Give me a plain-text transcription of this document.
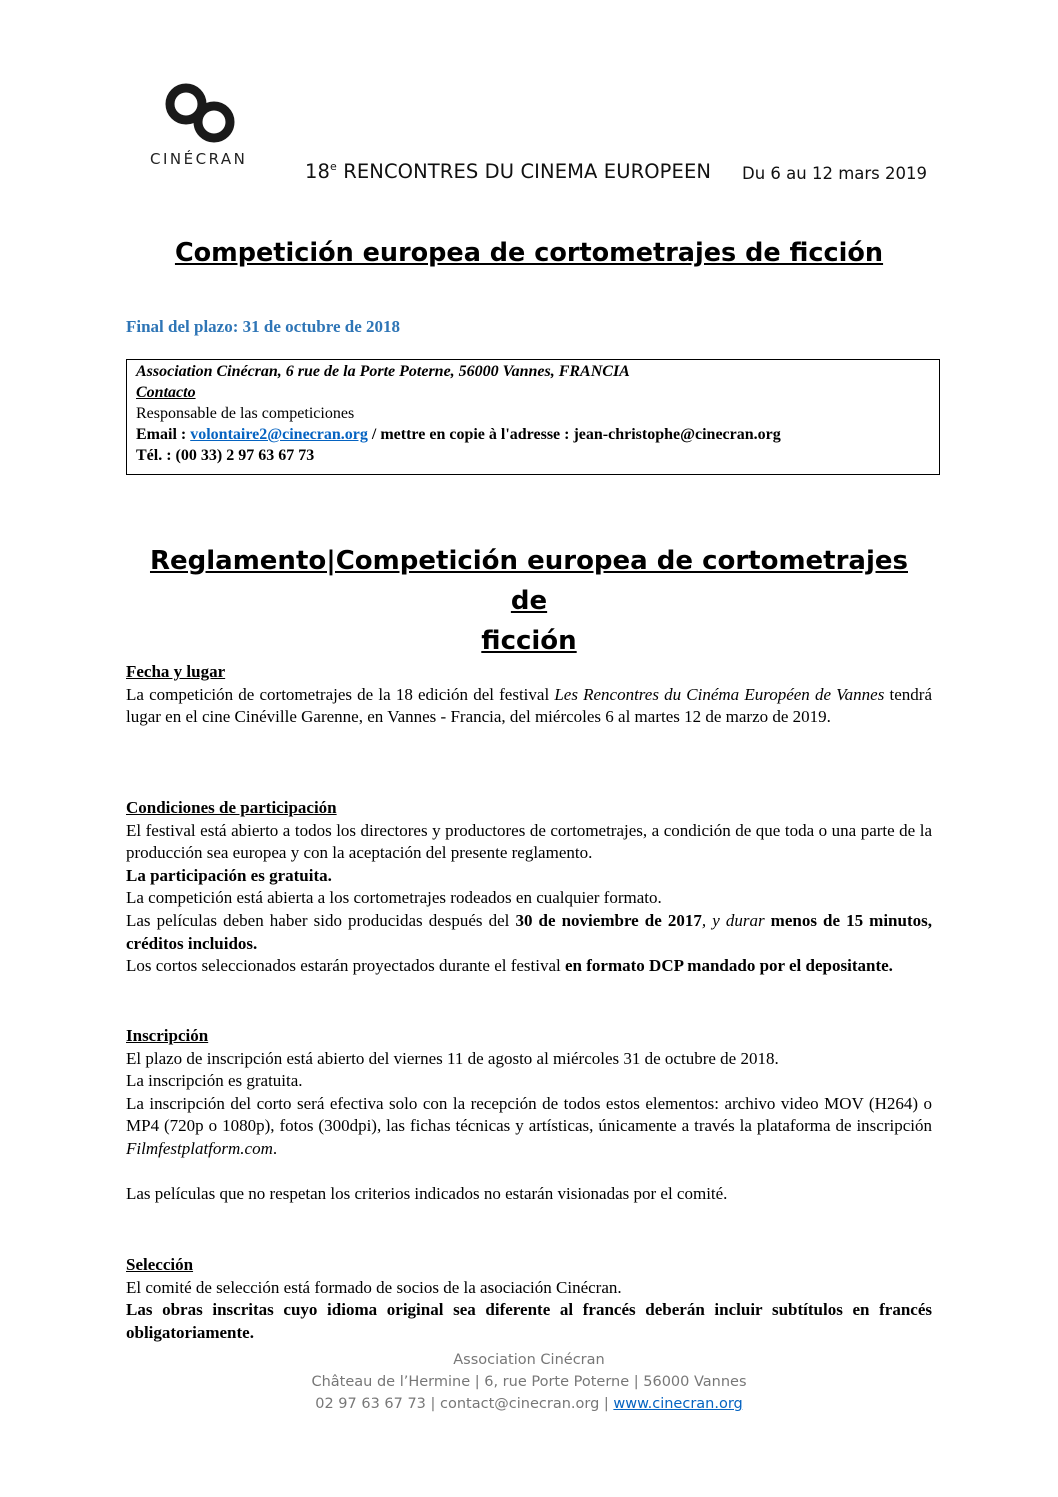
CINÉCRAN
18e RENCONTRES DU CINEMA EUROPEEN Du 6 au 12 mars 2019
Competición europea de cortometrajes de ficción
Final del plazo: 31 de octubre de 2018
Association Cinécran, 6 rue de la Porte Poterne, 56000 Vannes, FRANCIA
Contacto
Responsable de las competiciones
Email : volontaire2@cinecran.org / mettre en copie à l'adresse : jean-christophe@cinecran.org
Tél. : (00 33) 2 97 63 67 73
Reglamento|Competición europea de cortometrajes de
ficción
Fecha y lugar
La competición de cortometrajes de la 18 edición del festival Les Rencontres du Cinéma Européen de Vannes tendrá lugar en el cine Cinéville Garenne, en Vannes - Francia, del miércoles 6 al martes 12 de marzo de 2019.
Condiciones de participación
El festival está abierto a todos los directores y productores de cortometrajes, a condición de que toda o una parte de la producción sea europea y con la aceptación del presente reglamento.
La participación es gratuita.
La competición está abierta a los cortometrajes rodeados en cualquier formato.
Las películas deben haber sido producidas después del 30 de noviembre de 2017, y durar menos de 15 minutos, créditos incluidos.
Los cortos seleccionados estarán proyectados durante el festival en formato DCP mandado por el depositante.
Inscripción
El plazo de inscripción está abierto del viernes 11 de agosto al miércoles 31 de octubre de 2018.
La inscripción es gratuita.
La inscripción del corto será efectiva solo con la recepción de todos estos elementos: archivo video MOV (H264) o MP4 (720p o 1080p), fotos (300dpi), las fichas técnicas y artísticas, únicamente a través la plataforma de inscripción Filmfestplatform.com.
Las películas que no respetan los criterios indicados no estarán visionadas por el comité.
Selección
El comité de selección está formado de socios de la asociación Cinécran.
Las obras inscritas cuyo idioma original sea diferente al francés deberán incluir subtítulos en francés obligatoriamente.
Association Cinécran
Château de l’Hermine | 6, rue Porte Poterne | 56000 Vannes
02 97 63 67 73 | contact@cinecran.org | www.cinecran.org
